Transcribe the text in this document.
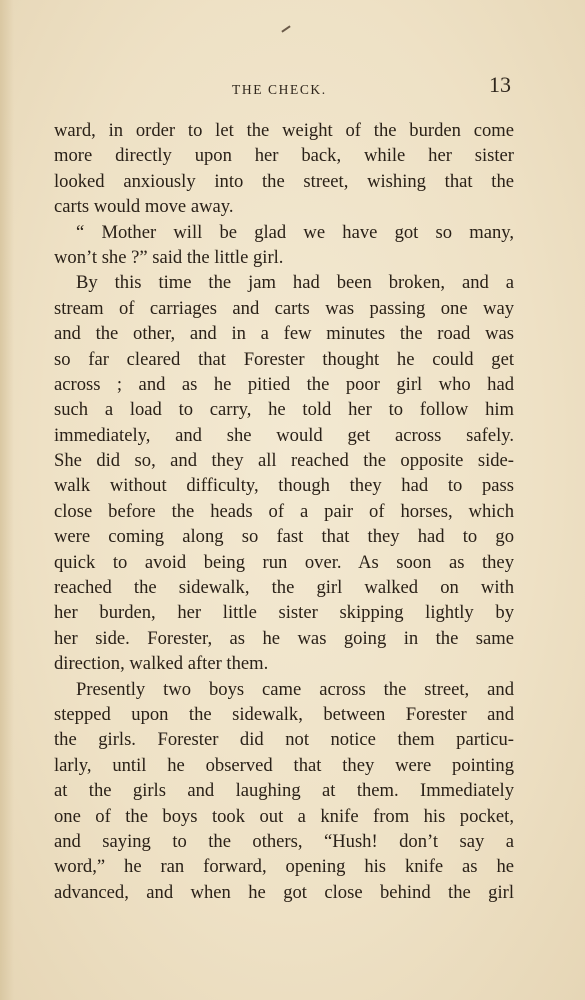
THE CHECK.	13
ward, in order to let the weight of the burden come
more directly upon her back, while her sister
looked anxiously into the street, wishing that the
carts would move away.
“ Mother will be glad we have got so many,
won’t she ?” said the little girl.
By this time the jam had been broken, and a
stream of carriages and carts was passing one way
and the other, and in a few minutes the road was
so far cleared that Forester thought he could get
across ; and as he pitied the poor girl who had
such a load to carry, he told her to follow him
immediately, and she would get across safely.
She did so, and they all reached the opposite side-
walk without difficulty, though they had to pass
close before the heads of a pair of horses, which
were coming along so fast that they had to go
quick to avoid being run over. As soon as they
reached the sidewalk, the girl walked on with
her burden, her little sister skipping lightly by
her side. Forester, as he was going in the same
direction, walked after them.
Presently two boys came across the street, and
stepped upon the sidewalk, between Forester and
the girls. Forester did not notice them particu-
larly, until he observed that they were pointing
at the girls and laughing at them. Immediately
one of the boys took out a knife from his pocket,
and saying to the others, “Hush! don’t say a
word,” he ran forward, opening his knife as he
advanced, and when he got close behind the girl
